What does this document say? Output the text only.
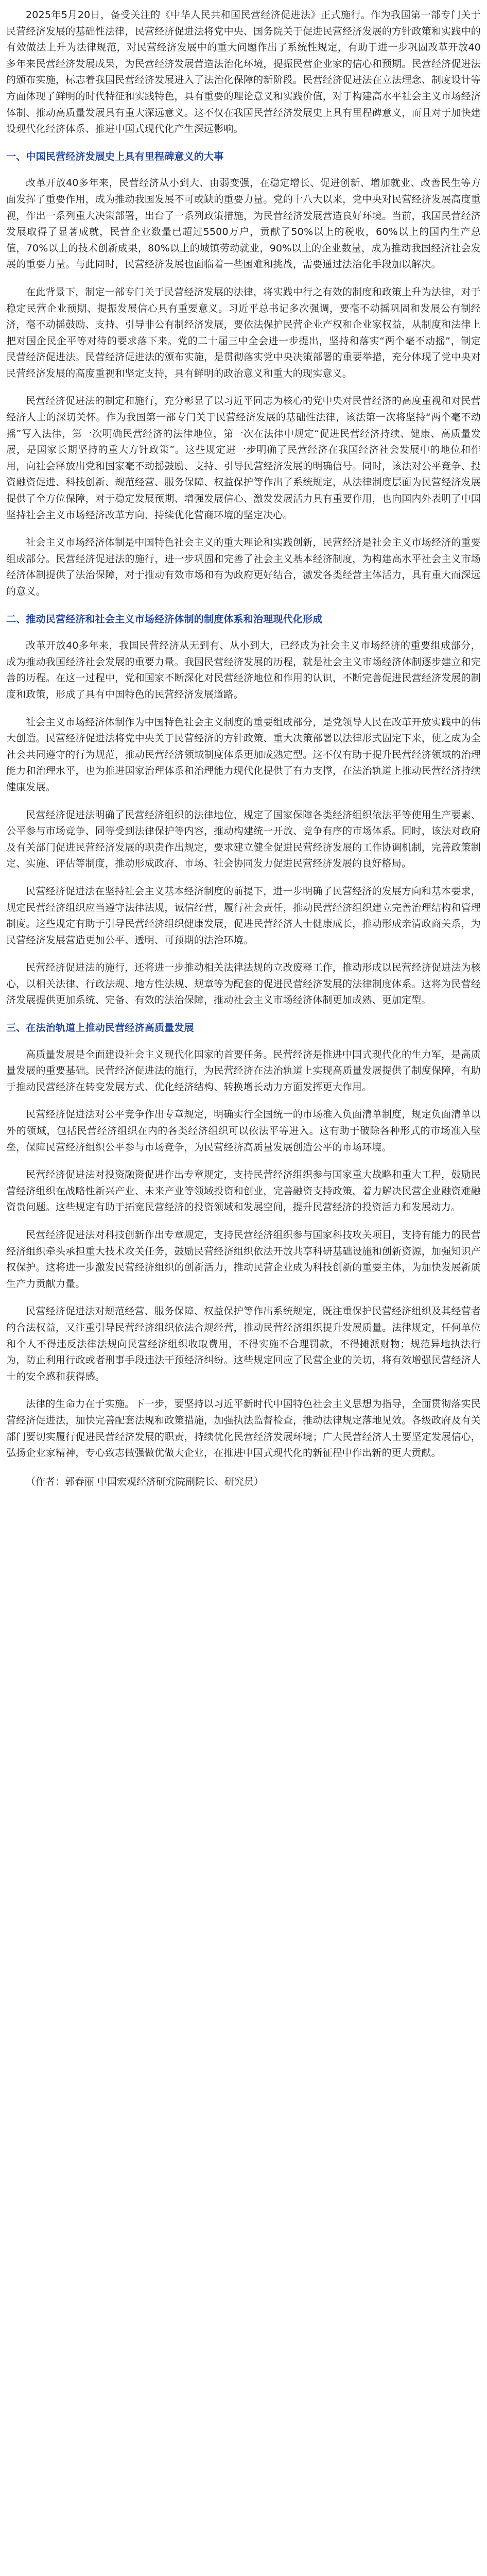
2025年5月20日，备受关注的《中华人民共和国民营经济促进法》正式施行。作为我国第一部专门关于民营经济发展的基础性法律，民营经济促进法将党中央、国务院关于促进民营经济发展的方针政策和实践中的有效做法上升为法律规范，对民营经济发展中的重大问题作出了系统性规定，有助于进一步巩固改革开放40多年来民营经济发展成果，为民营经济发展营造法治化环境，提振民营企业家的信心和预期。民营经济促进法的颁布实施，标志着我国民营经济发展进入了法治化保障的新阶段。民营经济促进法在立法理念、制度设计等方面体现了鲜明的时代特征和实践特色，具有重要的理论意义和实践价值，对于构建高水平社会主义市场经济体制、推动高质量发展具有重大深远意义。这不仅在我国民营经济发展史上具有里程碑意义，而且对于加快建设现代化经济体系、推进中国式现代化产生深远影响。

一、中国民营经济发展史上具有里程碑意义的大事

改革开放40多年来，民营经济从小到大、由弱变强，在稳定增长、促进创新、增加就业、改善民生等方面发挥了重要作用，成为推动我国发展不可或缺的重要力量。党的十八大以来，党中央对民营经济发展高度重视，作出一系列重大决策部署，出台了一系列政策措施，为民营经济发展营造良好环境。当前，我国民营经济发展取得了显著成就，民营企业数量已超过5500万户，贡献了50%以上的税收，60%以上的国内生产总值，70%以上的技术创新成果，80%以上的城镇劳动就业，90%以上的企业数量，成为推动我国经济社会发展的重要力量。与此同时，民营经济发展也面临着一些困难和挑战，需要通过法治化手段加以解决。

在此背景下，制定一部专门关于民营经济发展的法律，将实践中行之有效的制度和政策上升为法律，对于稳定民营企业预期、提振发展信心具有重要意义。习近平总书记多次强调，要毫不动摇巩固和发展公有制经济，毫不动摇鼓励、支持、引导非公有制经济发展，要依法保护民营企业产权和企业家权益，从制度和法律上把对国企民企平等对待的要求落下来。党的二十届三中全会进一步提出，坚持和落实“两个毫不动摇”，制定民营经济促进法。民营经济促进法的颁布实施，是贯彻落实党中央决策部署的重要举措，充分体现了党中央对民营经济发展的高度重视和坚定支持，具有鲜明的政治意义和重大的现实意义。

民营经济促进法的制定和施行，充分彰显了以习近平同志为核心的党中央对民营经济的高度重视和对民营经济人士的深切关怀。作为我国第一部专门关于民营经济发展的基础性法律，该法第一次将坚持“两个毫不动摇”写入法律，第一次明确民营经济的法律地位，第一次在法律中规定“促进民营经济持续、健康、高质量发展，是国家长期坚持的重大方针政策”。这些规定进一步明确了民营经济在我国经济社会发展中的地位和作用，向社会释放出党和国家毫不动摇鼓励、支持、引导民营经济发展的明确信号。同时，该法对公平竞争、投资融资促进、科技创新、规范经营、服务保障、权益保护等作出了系统规定，从法律制度层面为民营经济发展提供了全方位保障，对于稳定发展预期、增强发展信心、激发发展活力具有重要作用，也向国内外表明了中国坚持社会主义市场经济改革方向、持续优化营商环境的坚定决心。

社会主义市场经济体制是中国特色社会主义的重大理论和实践创新，民营经济是社会主义市场经济的重要组成部分。民营经济促进法的施行，进一步巩固和完善了社会主义基本经济制度，为构建高水平社会主义市场经济体制提供了法治保障，对于推动有效市场和有为政府更好结合，激发各类经营主体活力，具有重大而深远的意义。

二、推动民营经济和社会主义市场经济体制的制度体系和治理现代化形成

改革开放40多年来，我国民营经济从无到有、从小到大，已经成为社会主义市场经济的重要组成部分，成为推动我国经济社会发展的重要力量。我国民营经济发展的历程，就是社会主义市场经济体制逐步建立和完善的历程。在这一过程中，党和国家不断深化对民营经济地位和作用的认识，不断完善促进民营经济发展的制度和政策，形成了具有中国特色的民营经济发展道路。

社会主义市场经济体制作为中国特色社会主义制度的重要组成部分，是党领导人民在改革开放实践中的伟大创造。民营经济促进法将党中央关于民营经济的方针政策、重大决策部署以法律形式固定下来，使之成为全社会共同遵守的行为规范，推动民营经济领域制度体系更加成熟定型。这不仅有助于提升民营经济领域的治理能力和治理水平，也为推进国家治理体系和治理能力现代化提供了有力支撑，在法治轨道上推动民营经济持续健康发展。

民营经济促进法明确了民营经济组织的法律地位，规定了国家保障各类经济组织依法平等使用生产要素、公平参与市场竞争、同等受到法律保护等内容，推动构建统一开放、竞争有序的市场体系。同时，该法对政府及有关部门促进民营经济发展的职责作出规定，要求建立健全促进民营经济发展的工作协调机制，完善政策制定、实施、评估等制度，推动形成政府、市场、社会协同发力促进民营经济发展的良好格局。

民营经济促进法在坚持社会主义基本经济制度的前提下，进一步明确了民营经济的发展方向和基本要求，规定民营经济组织应当遵守法律法规，诚信经营，履行社会责任，推动民营经济组织建立完善治理结构和管理制度。这些规定有助于引导民营经济组织健康发展，促进民营经济人士健康成长，推动形成亲清政商关系，为民营经济发展营造更加公平、透明、可预期的法治环境。

民营经济促进法的施行，还将进一步推动相关法律法规的立改废释工作，推动形成以民营经济促进法为核心，以相关法律、行政法规、地方性法规、规章等为配套的促进民营经济发展的法律制度体系。这将为民营经济发展提供更加系统、完备、有效的法治保障，推动社会主义市场经济体制更加成熟、更加定型。

三、在法治轨道上推动民营经济高质量发展

高质量发展是全面建设社会主义现代化国家的首要任务。民营经济是推进中国式现代化的生力军，是高质量发展的重要基础。民营经济促进法的施行，为民营经济在法治轨道上实现高质量发展提供了制度保障，有助于推动民营经济在转变发展方式、优化经济结构、转换增长动力方面发挥更大作用。

民营经济促进法对公平竞争作出专章规定，明确实行全国统一的市场准入负面清单制度，规定负面清单以外的领域，包括民营经济组织在内的各类经济组织可以依法平等进入。这有助于破除各种形式的市场准入壁垒，保障民营经济组织公平参与市场竞争，为民营经济高质量发展创造公平的市场环境。

民营经济促进法对投资融资促进作出专章规定，支持民营经济组织参与国家重大战略和重大工程，鼓励民营经济组织在战略性新兴产业、未来产业等领域投资和创业，完善融资支持政策，着力解决民营企业融资难融资贵问题。这些规定有助于拓宽民营经济的投资领域和发展空间，提升民营经济的投资活力和发展动力。

民营经济促进法对科技创新作出专章规定，支持民营经济组织参与国家科技攻关项目，支持有能力的民营经济组织牵头承担重大技术攻关任务，鼓励民营经济组织依法开放共享科研基础设施和创新资源，加强知识产权保护。这将进一步激发民营经济组织的创新活力，推动民营企业成为科技创新的重要主体，为加快发展新质生产力贡献力量。

民营经济促进法对规范经营、服务保障、权益保护等作出系统规定，既注重保护民营经济组织及其经营者的合法权益，又注重引导民营经济组织依法合规经营，推动民营经济组织提升发展质量。法律规定，任何单位和个人不得违反法律法规向民营经济组织收取费用，不得实施不合理罚款，不得摊派财物；规范异地执法行为，防止利用行政或者刑事手段违法干预经济纠纷。这些规定回应了民营企业的关切，将有效增强民营经济人士的安全感和获得感。

法律的生命力在于实施。下一步，要坚持以习近平新时代中国特色社会主义思想为指导，全面贯彻落实民营经济促进法，加快完善配套法规和政策措施，加强执法监督检查，推动法律规定落地见效。各级政府及有关部门要切实履行促进民营经济发展的职责，持续优化民营经济发展环境；广大民营经济人士要坚定发展信心，弘扬企业家精神，专心致志做强做优做大企业，在推进中国式现代化的新征程中作出新的更大贡献。

（作者：郭春丽 中国宏观经济研究院副院长、研究员）
